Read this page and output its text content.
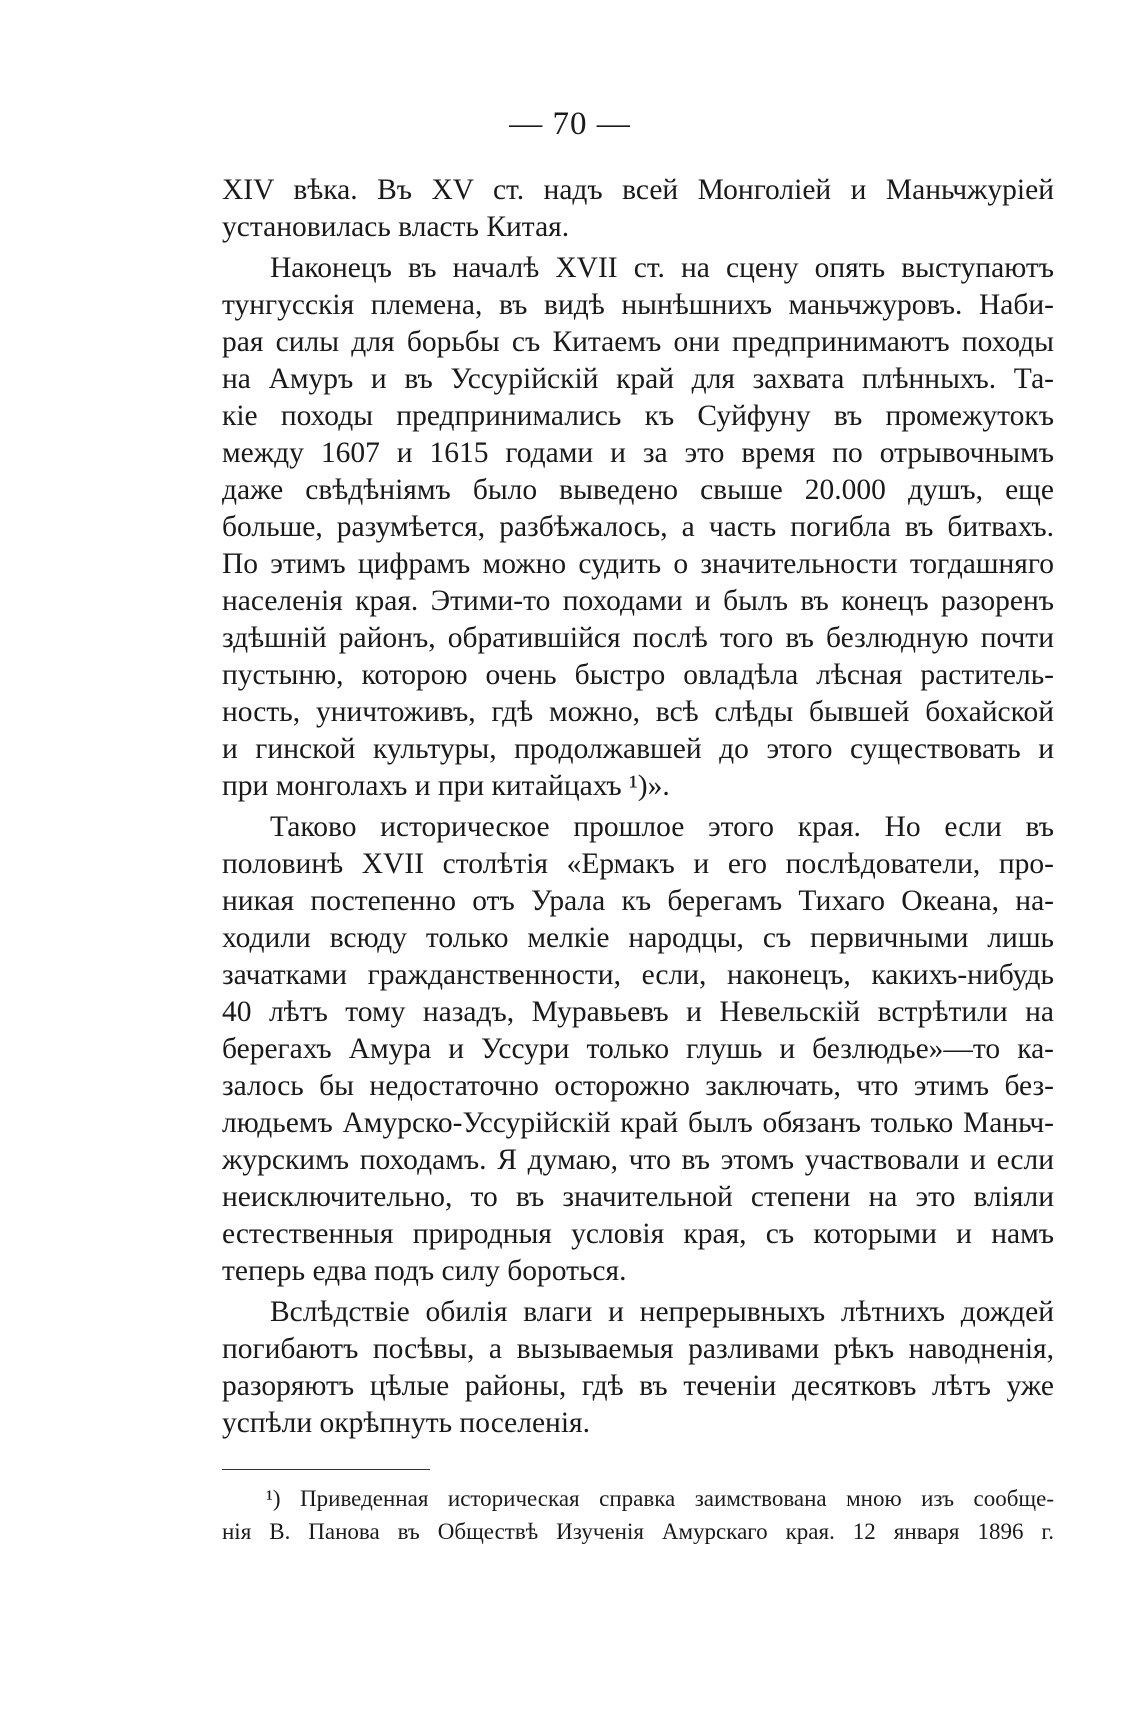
— 70 —
XIV вѣка. Въ XV ст. надъ всей Монголіей и Маньчжуріей
установилась власть Китая.
Наконецъ въ началѣ XVII ст. на сцену опять выступаютъ
тунгусскія племена, въ видѣ нынѣшнихъ маньчжуровъ. Наби-
рая силы для борьбы съ Китаемъ они предпринимаютъ походы
на Амуръ и въ Уссурійскій край для захвата плѣнныхъ. Та-
кіе походы предпринимались къ Суйфуну въ промежутокъ
между 1607 и 1615 годами и за это время по отрывочнымъ
даже свѣдѣніямъ было выведено свыше 20.000 душъ, еще
больше, разумѣется, разбѣжалось, а часть погибла въ битвахъ.
По этимъ цифрамъ можно судить о значительности тогдашняго
населенія края. Этими-то походами и былъ въ конецъ разоренъ
здѣшній районъ, обратившійся послѣ того въ безлюдную почти
пустыню, которою очень быстро овладѣла лѣсная раститель-
ность, уничтоживъ, гдѣ можно, всѣ слѣды бывшей бохайской
и гинской культуры, продолжавшей до этого существовать и
при монголахъ и при китайцахъ ¹)».
Таково историческое прошлое этого края. Но если въ
половинѣ XVII столѣтія «Ермакъ и его послѣдователи, про-
никая постепенно отъ Урала къ берегамъ Тихаго Океана, на-
ходили всюду только мелкіе народцы, съ первичными лишь
зачатками гражданственности, если, наконецъ, какихъ-нибудь
40 лѣтъ тому назадъ, Муравьевъ и Невельскій встрѣтили на
берегахъ Амура и Уссури только глушь и безлюдье»—то ка-
залось бы недостаточно осторожно заключать, что этимъ без-
людьемъ Амурско-Уссурійскій край былъ обязанъ только Маньч-
журскимъ походамъ. Я думаю, что въ этомъ участвовали и если
неисключительно, то въ значительной степени на это вліяли
естественныя природныя условія края, съ которыми и намъ
теперь едва подъ силу бороться.
Вслѣдствіе обилія влаги и непрерывныхъ лѣтнихъ дождей
погибаютъ посѣвы, а вызываемыя разливами рѣкъ наводненія,
разоряютъ цѣлые районы, гдѣ въ теченіи десятковъ лѣтъ уже
успѣли окрѣпнуть поселенія.
¹) Приведенная историческая справка заимствована мною изъ сообще-
нія В. Панова въ Обществѣ Изученія Амурскаго края. 12 января 1896 г.
